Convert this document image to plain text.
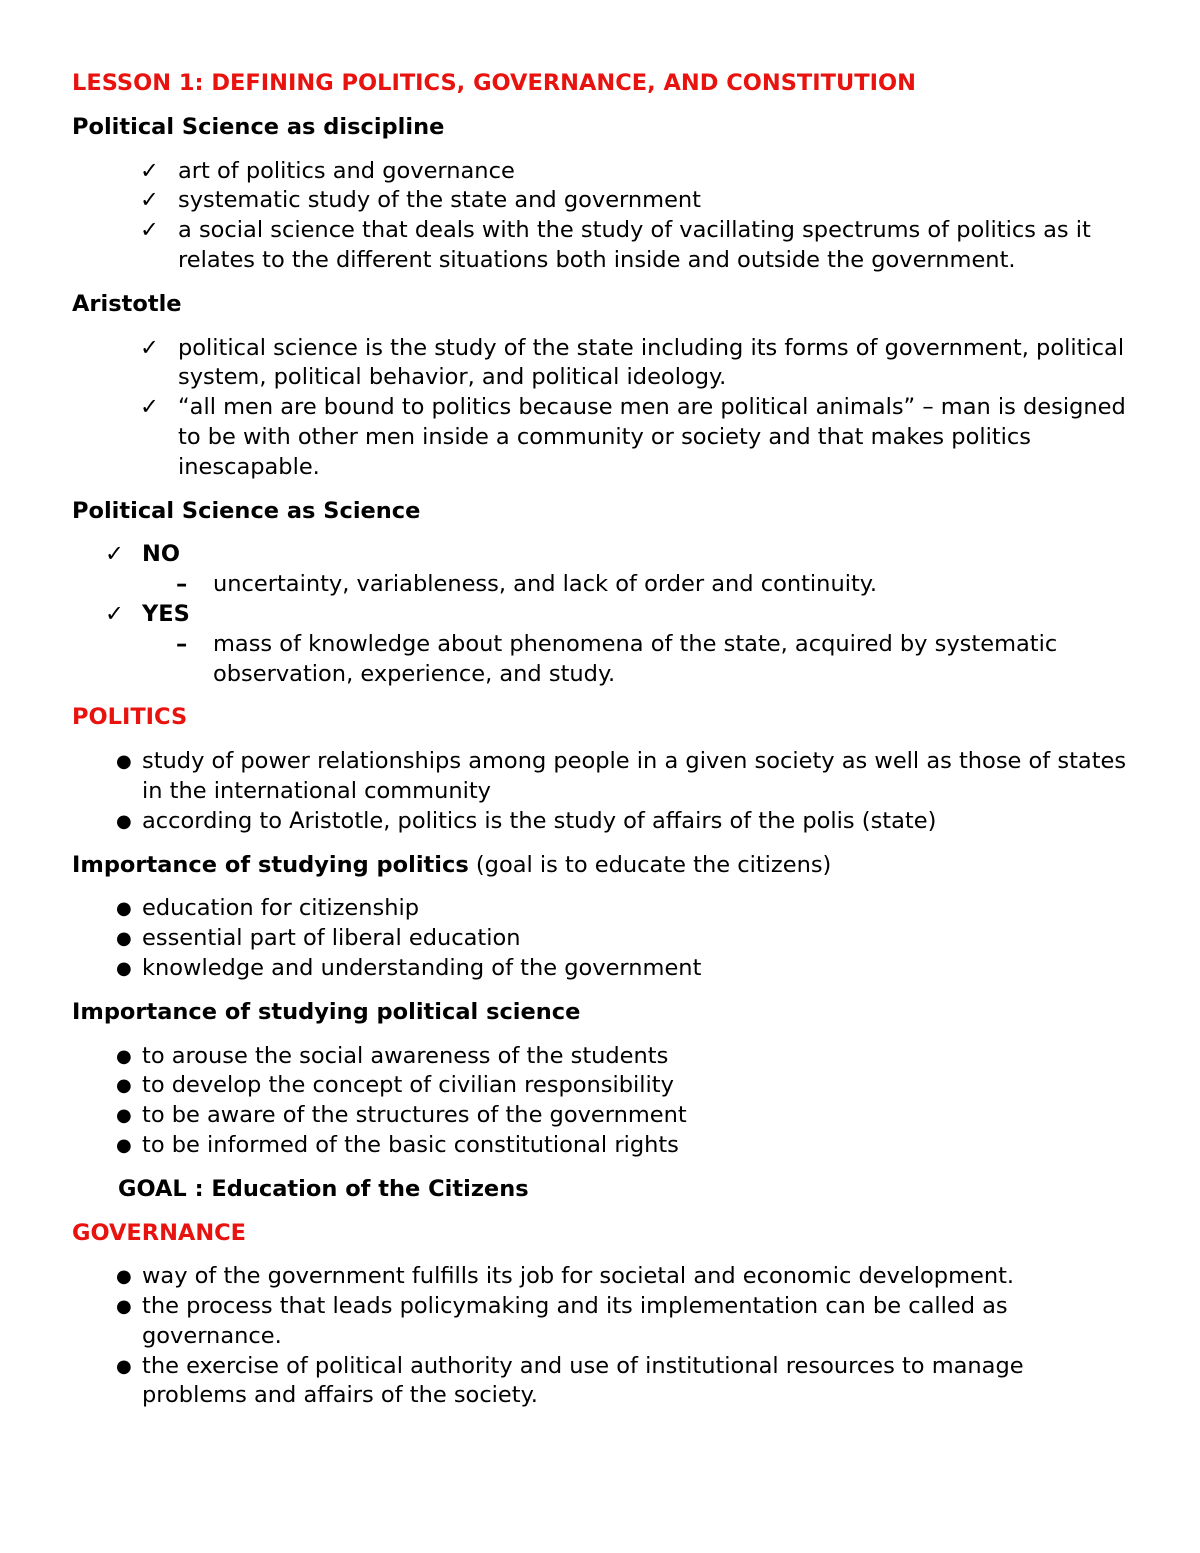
LESSON 1: DEFINING POLITICS, GOVERNANCE, AND CONSTITUTION
Political Science as discipline
✓ art of politics and governance
✓ systematic study of the state and government
✓ a social science that deals with the study of vacillating spectrums of politics as it relates to the different situations both inside and outside the government.
Aristotle
✓ political science is the study of the state including its forms of government, political system, political behavior, and political ideology.
✓ “all men are bound to politics because men are political animals” – man is designed to be with other men inside a community or society and that makes politics inescapable.
Political Science as Science
✓ NO
– uncertainty, variableness, and lack of order and continuity.
✓ YES
– mass of knowledge about phenomena of the state, acquired by systematic observation, experience, and study.
POLITICS
● study of power relationships among people in a given society as well as those of states in the international community
● according to Aristotle, politics is the study of affairs of the polis (state)
Importance of studying politics (goal is to educate the citizens)
● education for citizenship
● essential part of liberal education
● knowledge and understanding of the government
Importance of studying political science
● to arouse the social awareness of the students
● to develop the concept of civilian responsibility
● to be aware of the structures of the government
● to be informed of the basic constitutional rights
GOAL : Education of the Citizens
GOVERNANCE
● way of the government fulfills its job for societal and economic development.
● the process that leads policymaking and its implementation can be called as governance.
● the exercise of political authority and use of institutional resources to manage problems and affairs of the society.
